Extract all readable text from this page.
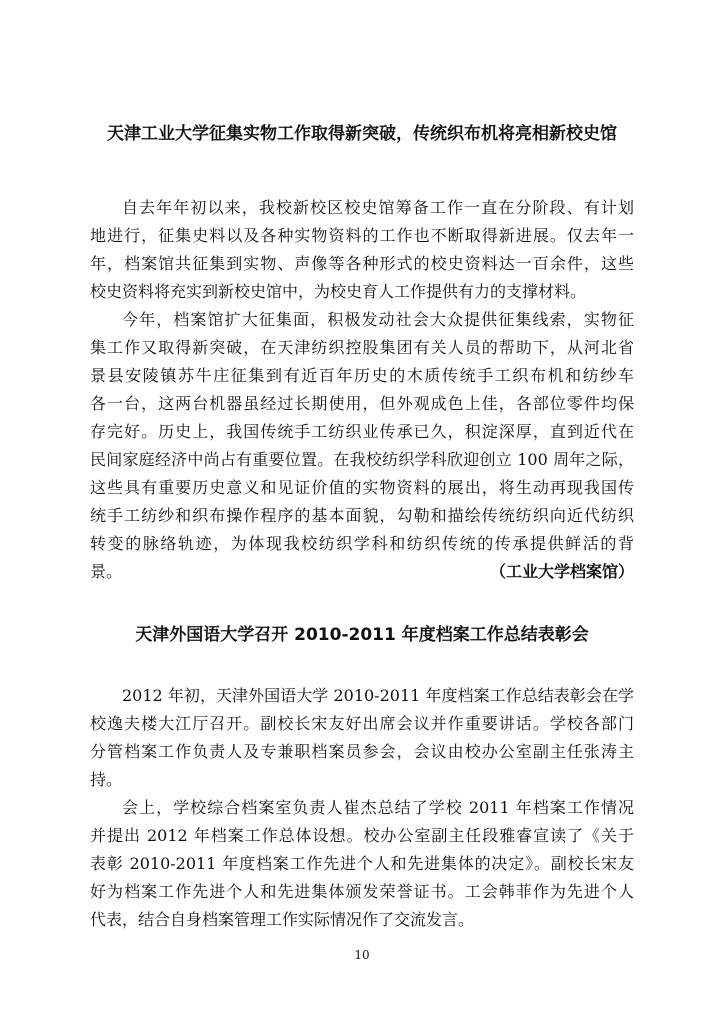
天津工业大学征集实物工作取得新突破，传统织布机将亮相新校史馆
自去年年初以来，我校新校区校史馆筹备工作一直在分阶段、有计划
地进行，征集史料以及各种实物资料的工作也不断取得新进展。仅去年一
年，档案馆共征集到实物、声像等各种形式的校史资料达一百余件，这些
校史资料将充实到新校史馆中，为校史育人工作提供有力的支撑材料。
今年，档案馆扩大征集面，积极发动社会大众提供征集线索，实物征
集工作又取得新突破，在天津纺织控股集团有关人员的帮助下，从河北省
景县安陵镇苏牛庄征集到有近百年历史的木质传统手工织布机和纺纱车
各一台，这两台机器虽经过长期使用，但外观成色上佳，各部位零件均保
存完好。历史上，我国传统手工纺织业传承已久，积淀深厚，直到近代在
民间家庭经济中尚占有重要位置。在我校纺织学科欣迎创立 100 周年之际，
这些具有重要历史意义和见证价值的实物资料的展出，将生动再现我国传
统手工纺纱和织布操作程序的基本面貌，勾勒和描绘传统纺织向近代纺织
转变的脉络轨迹，为体现我校纺织学科和纺织传统的传承提供鲜活的背
景。	（工业大学档案馆）
天津外国语大学召开 2010-2011 年度档案工作总结表彰会
2012 年初，天津外国语大学 2010-2011 年度档案工作总结表彰会在学
校逸夫楼大江厅召开。副校长宋友好出席会议并作重要讲话。学校各部门
分管档案工作负责人及专兼职档案员参会，会议由校办公室副主任张涛主
持。
会上，学校综合档案室负责人崔杰总结了学校 2011 年档案工作情况
并提出 2012 年档案工作总体设想。校办公室副主任段雅睿宣读了《关于
表彰 2010-2011 年度档案工作先进个人和先进集体的决定》。副校长宋友
好为档案工作先进个人和先进集体颁发荣誉证书。工会韩菲作为先进个人
代表，结合自身档案管理工作实际情况作了交流发言。
10
